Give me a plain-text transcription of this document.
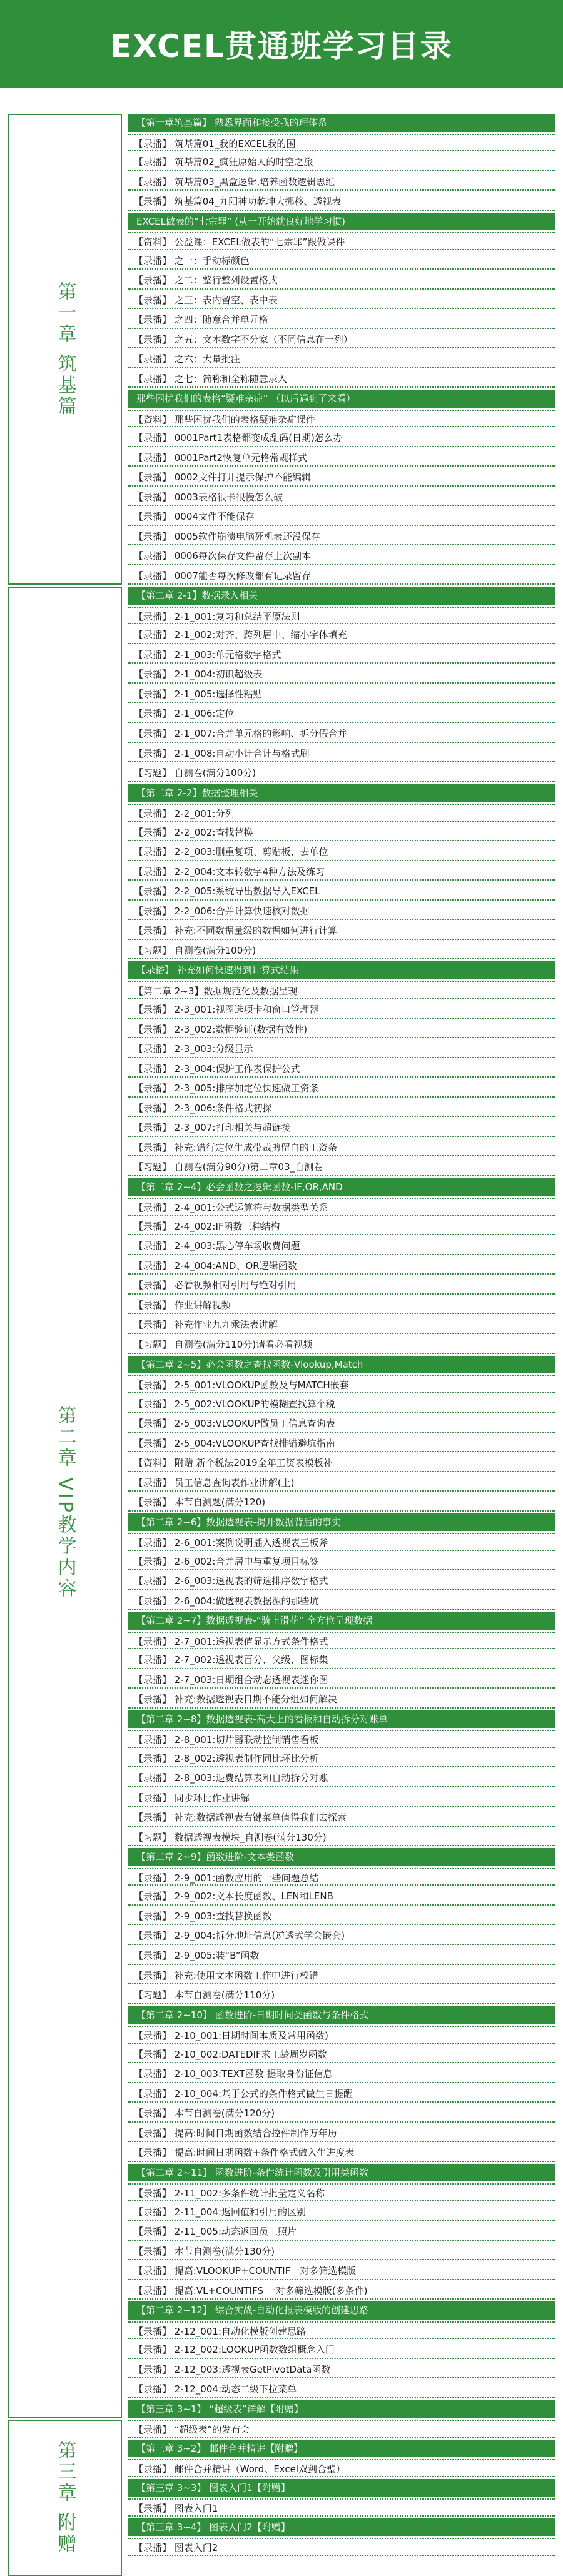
EXCEL贯通班学习目录
第一章 筑基篇
第二章 VIP教学内容
第三章 附赠
【第一章筑基篇】 熟悉界面和接受我的理体系
【录播】 筑基篇01_我的EXCEL我的国
【录播】 筑基篇02_疯狂原始人的时空之旅
【录播】 筑基篇03_黑盒逻辑,培养函数逻辑思维
【录播】 筑基篇04_九阳神功乾坤大挪移、透视表
EXCEL做表的“七宗罪” (从一开始就良好地学习惯)
【资料】 公益课：EXCEL做表的“七宗罪”跟做课件
【录播】 之一：手动标颜色
【录播】 之二：整行整列设置格式
【录播】 之三：表内留空、表中表
【录播】 之四：随意合并单元格
【录播】 之五：文本数字不分家（不同信息在一列）
【录播】 之六：大量批注
【录播】 之七：简称和全称随意录入
那些困扰我们的表格“疑难杂症” （以后遇到了来看）
【资料】 那些困扰我们的表格疑难杂症课件
【录播】 0001Part1表格都变成乱码(日期)怎么办
【录播】 0001Part2恢复单元格常规样式
【录播】 0002文件打开提示保护不能编辑
【录播】 0003表格很卡很慢怎么破
【录播】 0004文件不能保存
【录播】 0005软件崩溃电脑死机表还没保存
【录播】 0006每次保存文件留存上次副本
【录播】 0007能否每次修改都有记录留存
【第二章 2-1】数据录入相关
【录播】 2-1_001:复习和总结平原法则
【录播】 2-1_002:对齐、跨列居中、缩小字体填充
【录播】 2-1_003:单元格数字格式
【录播】 2-1_004:初识超级表
【录播】 2-1_005:选择性粘贴
【录播】 2-1_006:定位
【录播】 2-1_007:合并单元格的影响、拆分假合并
【录播】 2-1_008:自动小计合计与格式刷
【习题】 自测卷(满分100分)
【第二章 2-2】数据整理相关
【录播】 2-2_001:分列
【录播】 2-2_002:查找替换
【录播】 2-2_003:删重复项、剪贴板、去单位
【录播】 2-2_004:文本转数字4种方法及练习
【录播】 2-2_005:系统导出数据导入EXCEL
【录播】 2-2_006:合并计算快速核对数据
【录播】 补充:不同数据量级的数据如何进行计算
【习题】 自测卷(满分100分)
【录播】 补充如何快速得到计算式结果
【第二章 2~3】数据规范化及数据呈现
【录播】 2-3_001:视图选项卡和窗口管理器
【录播】 2-3_002:数据验证(数据有效性)
【录播】 2-3_003:分级显示
【录播】 2-3_004:保护工作表保护公式
【录播】 2-3_005:排序加定位快速做工资条
【录播】 2-3_006:条件格式初探
【录播】 2-3_007:打印相关与超链接
【录播】 补充:错行定位生成带裁剪留白的工资条
【习题】 自测卷(满分90分)第二章03_自测卷
【第二章 2~4】必会函数之逻辑函数-IF,OR,AND
【录播】 2-4_001:公式运算符与数据类型关系
【录播】 2-4_002:IF函数三种结构
【录播】 2-4_003:黑心停车场收费问题
【录播】 2-4_004:AND、OR逻辑函数
【录播】 必看视频相对引用与绝对引用
【录播】 作业讲解视频
【录播】 补充作业九九乘法表讲解
【习题】 自测卷(满分110分)请看必看视频
【第二章 2~5】必会函数之查找函数-Vlookup,Match
【录播】 2-5_001:VLOOKUP函数及与MATCH嵌套
【录播】 2-5_002:VLOOKUP的模糊查找算个税
【录播】 2-5_003:VLOOKUP做员工信息查询表
【录播】 2-5_004:VLOOKUP查找排错避坑指南
【资料】 附赠 新个税法2019全年工资表模板补
【录播】 员工信息查询表作业讲解(上)
【录播】 本节自测题(满分120)
【第二章 2~6】数据透视表-揭开数据背后的事实
【录播】 2-6_001:案例说明插入透视表三板斧
【录播】 2-6_002:合并居中与重复项目标签
【录播】 2-6_003:透视表的筛选排序数字格式
【录播】 2-6_004:做透视表数据源的那些坑
【第二章 2~7】数据透视表-“骑上滑花” 全方位呈现数据
【录播】 2-7_001:透视表值显示方式条件格式
【录播】 2-7_002:透视表百分、父级、图标集
【录播】 2-7_003:日期组合动态透视表迷你图
【录播】 补充:数据透视表日期不能分组如何解决
【第二章 2~8】数据透视表-高大上的看板和自动拆分对账单
【录播】 2-8_001:切片器联动控制销售看板
【录播】 2-8_002:透视表制作同比环比分析
【录播】 2-8_003:退费结算表和自动拆分对账
【录播】 同步环比作业讲解
【录播】 补充:数据透视表右键菜单值得我们去探索
【习题】 数据透视表模块_自测卷(满分130分)
【第二章 2~9】函数进阶-文本类函数
【录播】 2-9_001:函数应用的一些问题总结
【录播】 2-9_002:文本长度函数、LEN和LENB
【录播】 2-9_003:查找替换函数
【录播】 2-9_004:拆分地址信息(逆透式学会嵌套)
【录播】 2-9_005:装“B”函数
【录播】 补充:使用文本函数工作中进行校错
【习题】 本节自测卷(满分110分)
【第二章 2~10】 函数进阶-日期时间类函数与条件格式
【录播】 2-10_001:日期时间本质及常用函数)
【录播】 2-10_002:DATEDIF求工龄周岁函数
【录播】 2-10_003:TEXT函数 提取身份证信息
【录播】 2-10_004:基于公式的条件格式做生日提醒
【录播】 本节自测卷(满分120分)
【录播】 提高:时间日期函数结合控件制作万年历
【录播】 提高:时间日期函数+条件格式做入生进度表
【第二章 2~11】 函数进阶-条件统计函数及引用类函数
【录播】 2-11_002:多条件统计批量定义名称
【录播】 2-11_004:返回值和引用的区别
【录播】 2-11_005:动态返回员工照片
【录播】 本节自测卷(满分130分)
【录播】 提高:VLOOKUP+COUNTIF一对多筛选模版
【录播】 提高:VL+COUNTIFS 一对多筛选模版(多条件)
【第二章 2~12】 综合实战-自动化报表模版的创建思路
【录播】 2-12_001:自动化模版创建思路
【录播】 2-12_002:LOOKUP函数数组概念入门
【录播】 2-12_003:透视表GetPivotData函数
【录播】 2-12_004:动态二级下拉菜单
【第三章 3~1】 “超级表”详解【附赠】
【录播】 “超级表”的发布会
【第三章 3~2】 邮件合并精讲【附赠】
【录播】 邮件合并精讲（Word、Excel双剑合璧）
【第三章 3~3】 图表入门1【附赠】
【录播】 图表入门1
【第三章 3~4】 图表入门2【附赠】
【录播】 图表入门2
